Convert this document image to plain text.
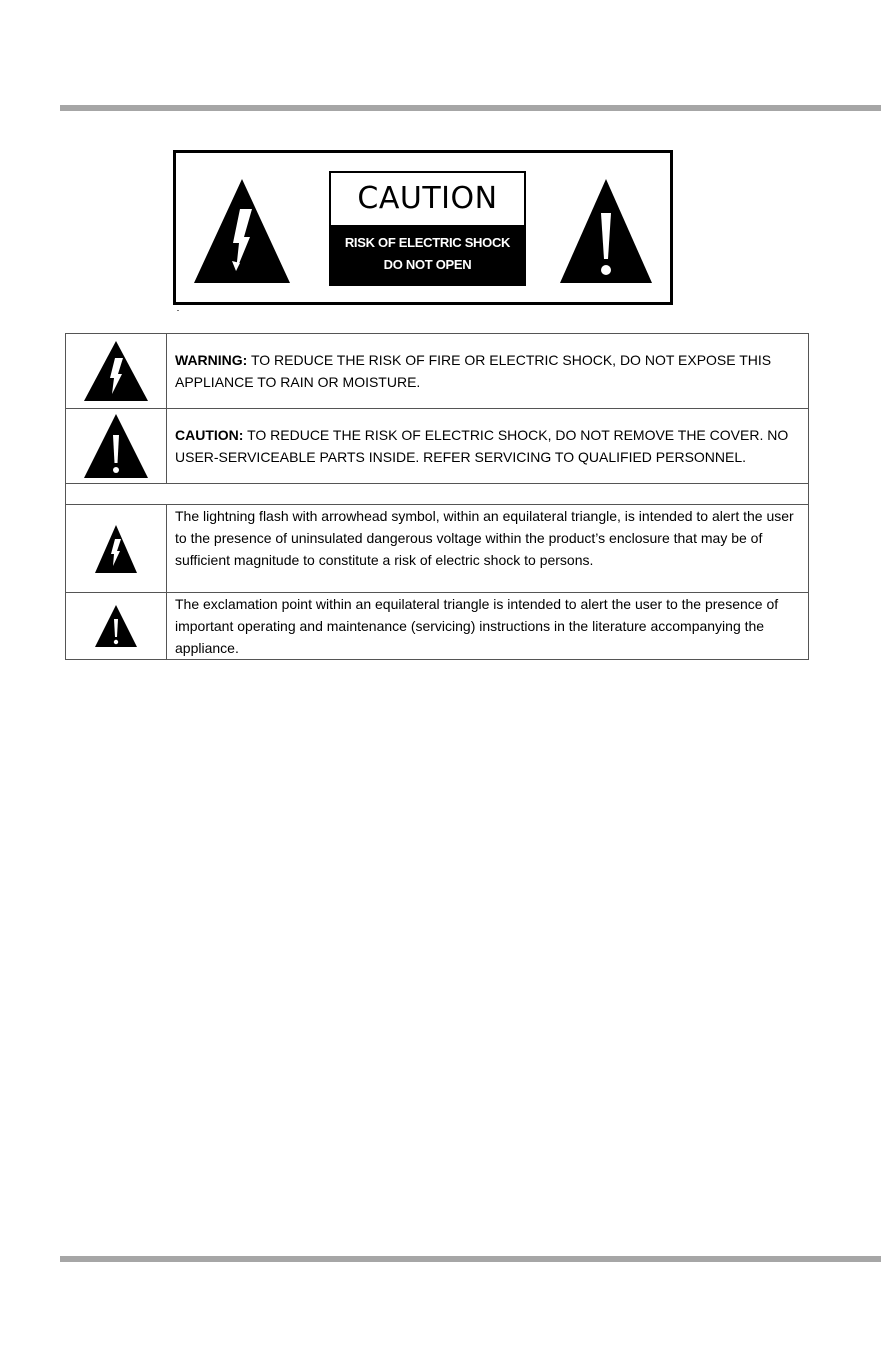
CAUTION
RISK OF ELECTRIC SHOCK
DO NOT OPEN
	WARNING: TO REDUCE THE RISK OF FIRE OR ELECTRIC SHOCK, DO NOT EXPOSE THIS APPLIANCE TO RAIN OR MOISTURE.

	CAUTION: TO REDUCE THE RISK OF ELECTRIC SHOCK, DO NOT REMOVE THE COVER. NO USER-SERVICEABLE PARTS INSIDE. REFER SERVICING TO QUALIFIED PERSONNEL.

	The lightning flash with arrowhead symbol, within an equilateral triangle, is intended to alert the user to the presence of uninsulated dangerous voltage within the product’s enclosure that may be of sufficient magnitude to constitute a risk of electric shock to persons.

	The exclamation point within an equilateral triangle is intended to alert the user to the presence of important operating and maintenance (servicing) instructions in the literature accompanying the appliance.
